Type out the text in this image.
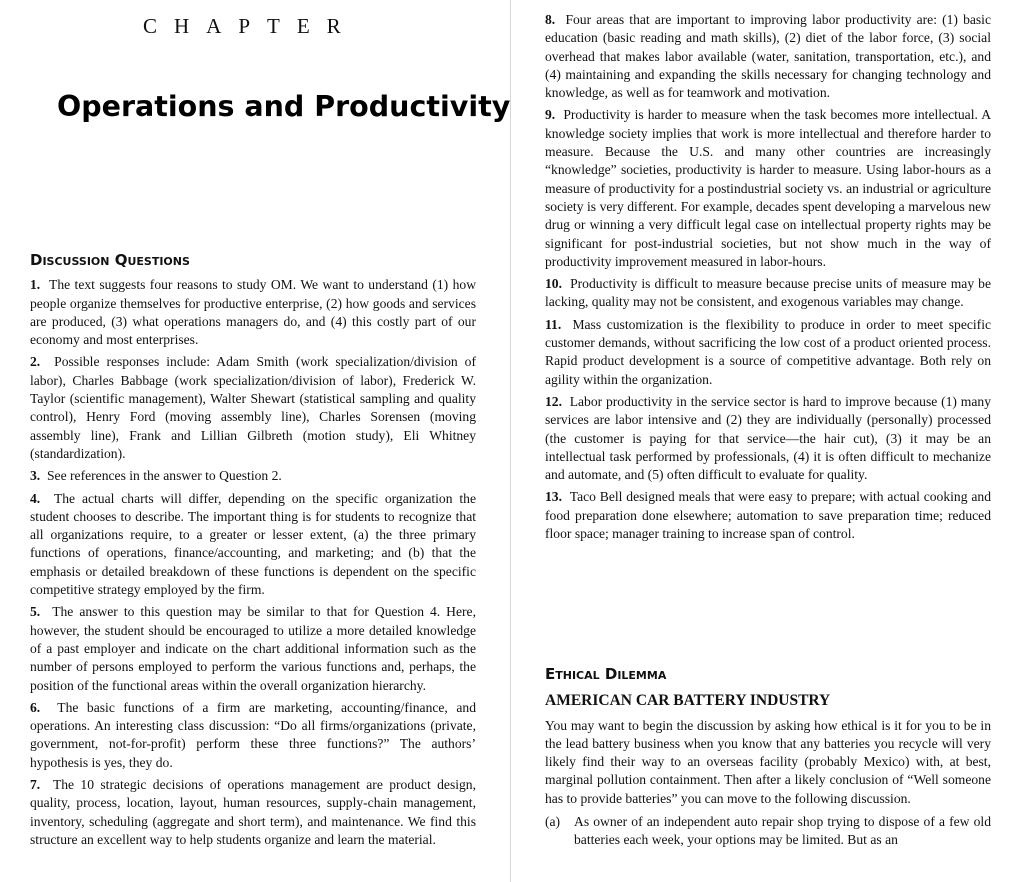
CHAPTER
Operations and Productivity
Discussion Questions

1. The text suggests four reasons to study OM. We want to understand (1) how people organize themselves for productive enterprise, (2) how goods and services are produced, (3) what operations managers do, and (4) this costly part of our economy and most enterprises.

2. Possible responses include: Adam Smith (work specialization/division of labor), Charles Babbage (work specialization/division of labor), Frederick W. Taylor (scientific management), Walter Shewart (statistical sampling and quality control), Henry Ford (moving assembly line), Charles Sorensen (moving assembly line), Frank and Lillian Gilbreth (motion study), Eli Whitney (standardization).

3. See references in the answer to Question 2.

4. The actual charts will differ, depending on the specific organization the student chooses to describe. The important thing is for students to recognize that all organizations require, to a greater or lesser extent, (a) the three primary functions of operations, finance/accounting, and marketing; and (b) that the emphasis or detailed breakdown of these functions is dependent on the specific competitive strategy employed by the firm.

5. The answer to this question may be similar to that for Question 4. Here, however, the student should be encouraged to utilize a more detailed knowledge of a past employer and indicate on the chart additional information such as the number of persons employed to perform the various functions and, perhaps, the position of the functional areas within the overall organization hierarchy.

6. The basic functions of a firm are marketing, accounting/finance, and operations. An interesting class discussion: “Do all firms/organizations (private, government, not-for-profit) perform these three functions?” The authors’ hypothesis is yes, they do.

7. The 10 strategic decisions of operations management are product design, quality, process, location, layout, human resources, supply-chain management, inventory, scheduling (aggregate and short term), and maintenance. We find this structure an excellent way to help students organize and learn the material.

8. Four areas that are important to improving labor productivity are: (1) basic education (basic reading and math skills), (2) diet of the labor force, (3) social overhead that makes labor available (water, sanitation, transportation, etc.), and (4) maintaining and expanding the skills necessary for changing technology and knowledge, as well as for teamwork and motivation.

9. Productivity is harder to measure when the task becomes more intellectual. A knowledge society implies that work is more intellectual and therefore harder to measure. Because the U.S. and many other countries are increasingly “knowledge” societies, productivity is harder to measure. Using labor-hours as a measure of productivity for a postindustrial society vs. an industrial or agriculture society is very different. For example, decades spent developing a marvelous new drug or winning a very difficult legal case on intellectual property rights may be significant for post-industrial societies, but not show much in the way of productivity improvement measured in labor-hours.

10. Productivity is difficult to measure because precise units of measure may be lacking, quality may not be consistent, and exogenous variables may change.

11. Mass customization is the flexibility to produce in order to meet specific customer demands, without sacrificing the low cost of a product oriented process. Rapid product development is a source of competitive advantage. Both rely on agility within the organization.

12. Labor productivity in the service sector is hard to improve because (1) many services are labor intensive and (2) they are individually (personally) processed (the customer is paying for that service—the hair cut), (3) it may be an intellectual task performed by professionals, (4) it is often difficult to mechanize and automate, and (5) often difficult to evaluate for quality.

13. Taco Bell designed meals that were easy to prepare; with actual cooking and food preparation done elsewhere; automation to save preparation time; reduced floor space; manager training to increase span of control.

Ethical Dilemma
AMERICAN CAR BATTERY INDUSTRY

You may want to begin the discussion by asking how ethical is it for you to be in the lead battery business when you know that any batteries you recycle will very likely find their way to an overseas facility (probably Mexico) with, at best, marginal pollution containment. Then after a likely conclusion of “Well someone has to provide batteries” you can move to the following discussion.

(a) As owner of an independent auto repair shop trying to dispose of a few old batteries each week, your options may be limited. But as an
